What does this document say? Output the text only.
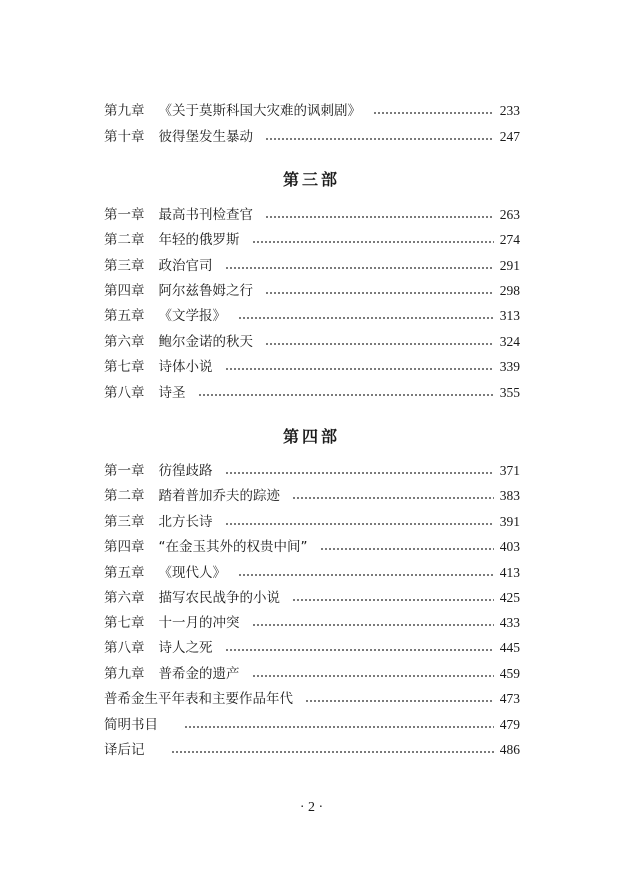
第九章 《关于莫斯科国大灾难的讽刺剧》	233
第十章 彼得堡发生暴动	247
第三部
第一章 最高书刊检查官	263
第二章 年轻的俄罗斯	274
第三章 政治官司	291
第四章 阿尔兹鲁姆之行	298
第五章 《文学报》	313
第六章 鲍尔金诺的秋天	324
第七章 诗体小说	339
第八章 诗圣	355
第四部
第一章 彷徨歧路	371
第二章 踏着普加乔夫的踪迹	383
第三章 北方长诗	391
第四章 “在金玉其外的权贵中间”	403
第五章 《现代人》	413
第六章 描写农民战争的小说	425
第七章 十一月的冲突	433
第八章 诗人之死	445
第九章 普希金的遗产	459
普希金生平年表和主要作品年代	473
简明书目	479
译后记	486
· 2 ·
